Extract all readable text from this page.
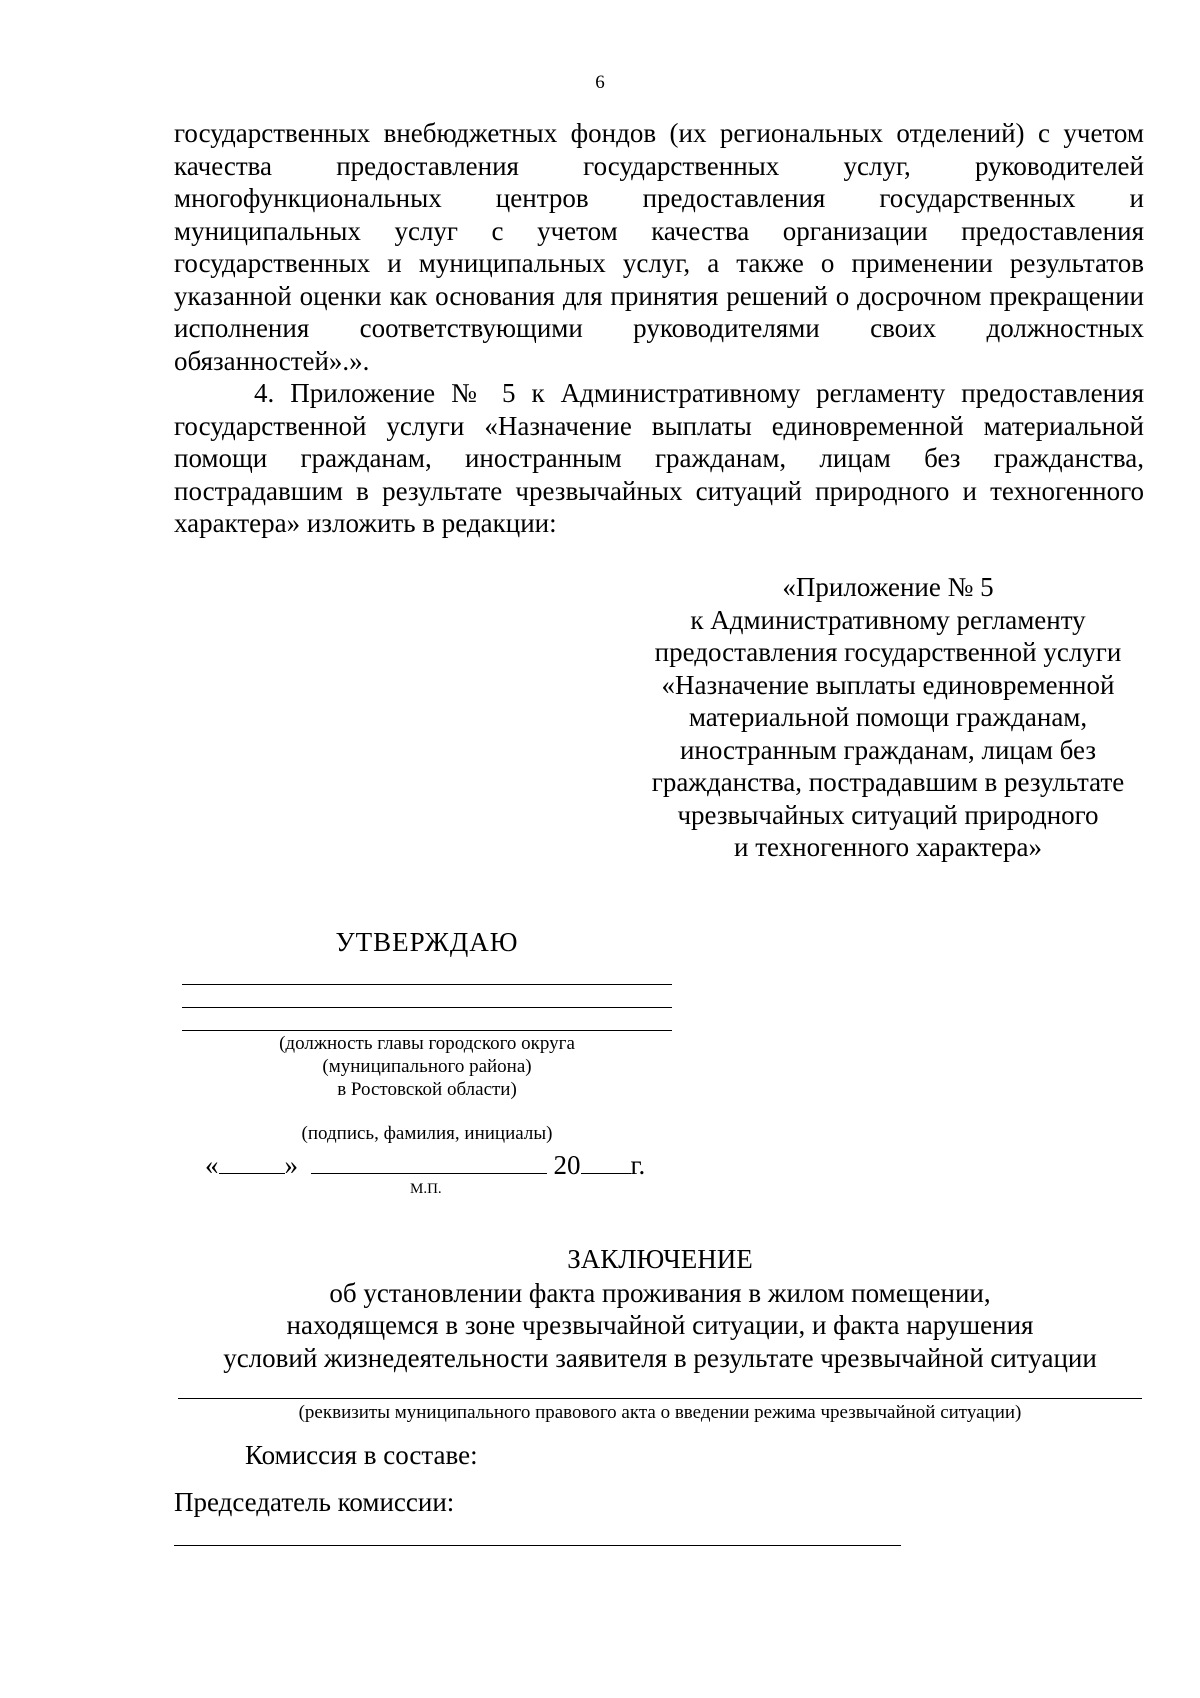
6
государственных внебюджетных фондов (их региональных отделений) с учетом качества предоставления государственных услуг, руководителей многофункциональных центров предоставления государственных и муниципальных услуг с учетом качества организации предоставления государственных и муниципальных услуг, а также о применении результатов указанной оценки как основания для принятия решений о досрочном прекращении исполнения соответствующими руководителями своих должностных обязанностей».».
4. Приложение № 5 к Административному регламенту предоставления государственной услуги «Назначение выплаты единовременной материальной помощи гражданам, иностранным гражданам, лицам без гражданства, пострадавшим в результате чрезвычайных ситуаций природного и техногенного характера» изложить в редакции:
«Приложение № 5
к Административному регламенту
предоставления государственной услуги
«Назначение выплаты единовременной
материальной помощи гражданам,
иностранным гражданам, лицам без
гражданства, пострадавшим в результате
чрезвычайных ситуаций природного
и техногенного характера»
УТВЕРЖДАЮ
(должность главы городского округа
(муниципального района)
в Ростовской области)
(подпись, фамилия, инициалы)
« »	20 г.
М.П.
ЗАКЛЮЧЕНИЕ
об установлении факта проживания в жилом помещении,
находящемся в зоне чрезвычайной ситуации, и факта нарушения
условий жизнедеятельности заявителя в результате чрезвычайной ситуации
(реквизиты муниципального правового акта о введении режима чрезвычайной ситуации)
Комиссия в составе:
Председатель комиссии:
